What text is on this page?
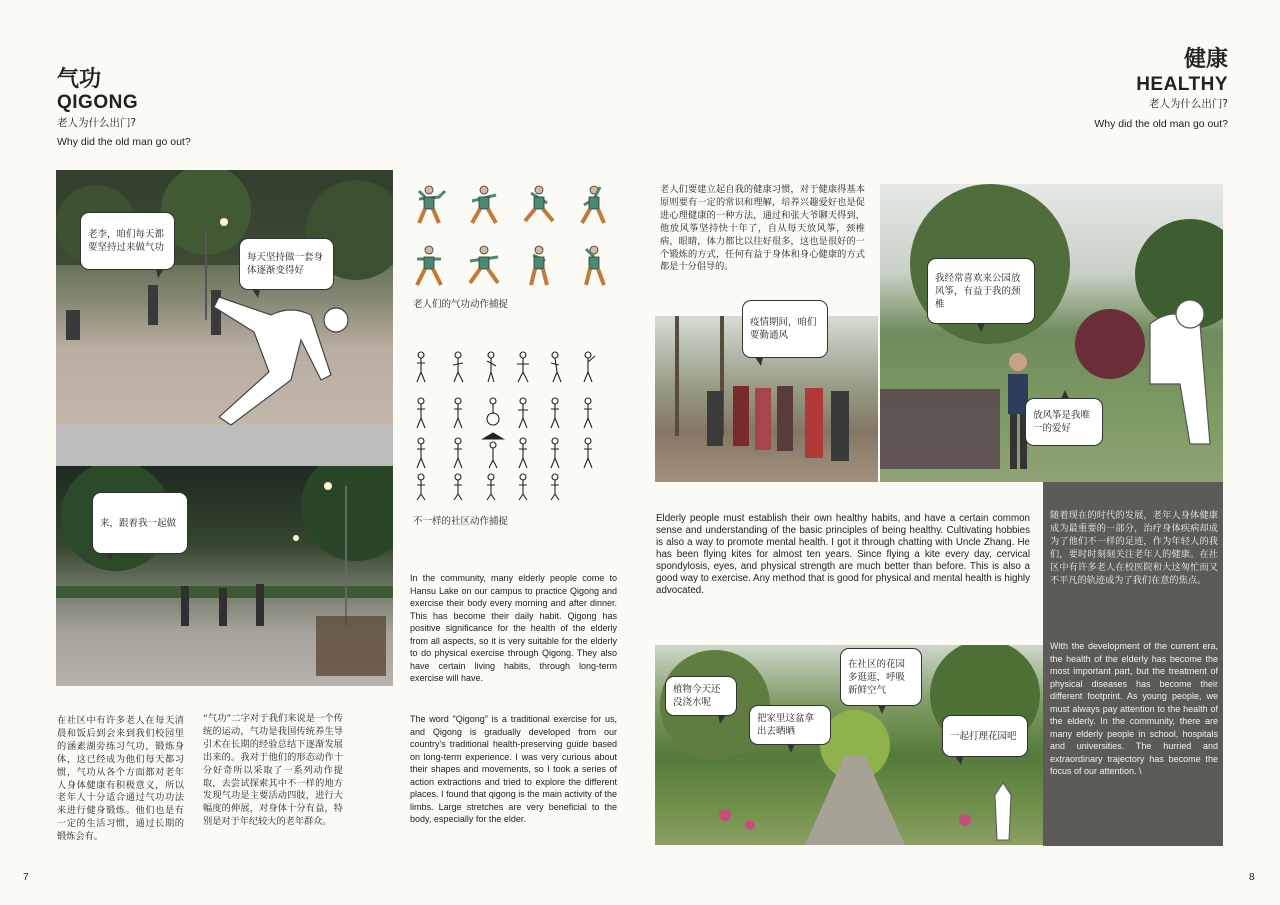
气功
QIGONG
老人为什么出门?
Why did the old man go out?
老李，咱们每天都要坚持过来做气功
每天坚持做一套身体逐渐变得好
来，跟着我一起做
老人们的气功动作捕捉
不一样的社区动作捕捉
In the community, many elderly people come to Hansu Lake on our campus to practice Qigong and exercise their body every morning and after dinner. This has become their daily habit. Qigong has positive significance for the health of the elderly from all aspects, so it is very suitable for the elderly to do physical exercise through Qigong. They also have certain living habits, through long-term exercise will have.
The word "Qigong" is a traditional exercise for us, and Qigong is gradually developed from our country's traditional health-preserving guide based on long-term experience. I was very curious about their shapes and movements, so I took a series of action extractions and tried to explore the different places. I found that qigong is the main activity of the limbs. Large stretches are very beneficial to the body, especially for the elder.
在社区中有许多老人在每天清晨和饭后到会来到我们校园里的涵素湖旁练习气功，锻炼身体，这已经成为他们每天都习惯，气功从各个方面都对老年人身体健康有积极意义，所以老年人十分适合通过气功功法来进行健身锻炼。他们也是有一定的生活习惯，通过长期的锻炼会有。
“气功”二字对于我们来说是一个传统的运动，气功是我国传统养生导引术在长期的经验总结下逐渐发展出来的。我对于他们的形态动作十分好奇所以采取了一系列动作提取，去尝试探索其中不一样的地方发现气功是主要活动四肢，进行大幅度的伸展，对身体十分有益，特别是对于年纪较大的老年群众。
7
健康
HEALTHY
老人为什么出门?
Why did the old man go out?
老人们要建立起自我的健康习惯，对于健康得基本原则要有一定的常识和理解，培养兴趣爱好也是促进心理健康的一种方法，通过和张大爷聊天得到，他放风筝坚持快十年了，自从每天放风筝，颈椎病，眼睛，体力都比以往好很多，这也是很好的一个锻炼的方式，任何有益于身体和身心健康的方式都是十分倡导的。
我经常喜欢来公园放风筝，有益于我的颈椎
放风筝是我唯一的爱好
疫情期间，咱们要勤通风
Elderly people must establish their own healthy habits, and have a certain common sense and understanding of the basic principles of being healthy. Cultivating hobbies is also a way to promote mental health. I got it through chatting with Uncle Zhang. He has been flying kites for almost ten years. Since flying a kite every day, cervical spondylosis, eyes, and physical strength are much better than before. This is also a good way to exercise. Any method that is good for physical and mental health is highly advocated.
随着现在的时代的发展，老年人身体健康成为最重要的一部分，治疗身体疾病却成为了他们不一样的足迹，作为年轻人的我们，要时时刻刻关注老年人的健康。在社区中有许多老人在校医院和大这匆忙而又不平凡的轨迹成为了我们在意的焦点。
With the development of the current era, the health of the elderly has become the most important part, but the treatment of physical diseases has become their different footprint. As young people, we must always pay attention to the health of the elderly. In the community, there are many elderly people in school, hospitals and universities. The hurried and extraordinary trajectory has become the focus of our attention. \
植物今天还没浇水呢
把家里这盆拿出去晒晒
在社区的花园多逛逛，呼吸新鲜空气
一起打理花园吧
8
